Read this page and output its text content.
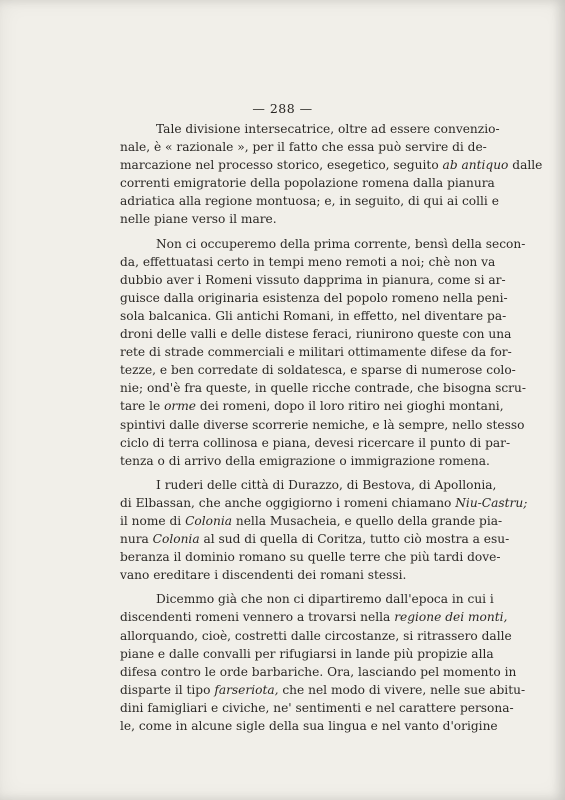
— 288 —
Tale divisione intersecatrice, oltre ad essere convenzio-
nale, è « razionale », per il fatto che essa può servire di de-
marcazione nel processo storico, esegetico, seguito ab antiquo dalle
correnti emigratorie della popolazione romena dalla pianura
adriatica alla regione montuosa; e, in seguito, di qui ai colli e
nelle piane verso il mare.
Non ci occuperemo della prima corrente, bensì della secon-
da, effettuatasi certo in tempi meno remoti a noi; chè non va
dubbio aver i Romeni vissuto dapprima in pianura, come si ar-
guisce dalla originaria esistenza del popolo romeno nella peni-
sola balcanica. Gli antichi Romani, in effetto, nel diventare pa-
droni delle valli e delle distese feraci, riunirono queste con una
rete di strade commerciali e militari ottimamente difese da for-
tezze, e ben corredate di soldatesca, e sparse di numerose colo-
nie; ond'è fra queste, in quelle ricche contrade, che bisogna scru-
tare le orme dei romeni, dopo il loro ritiro nei gioghi montani,
spintivi dalle diverse scorrerie nemiche, e là sempre, nello stesso
ciclo di terra collinosa e piana, devesi ricercare il punto di par-
tenza o di arrivo della emigrazione o immigrazione romena.
I ruderi delle città di Durazzo, di Bestova, di Apollonia,
di Elbassan, che anche oggigiorno i romeni chiamano Niu-Castru;
il nome di Colonia nella Musacheia, e quello della grande pia-
nura Colonia al sud di quella di Coritza, tutto ciò mostra a esu-
beranza il dominio romano su quelle terre che più tardi dove-
vano ereditare i discendenti dei romani stessi.
Dicemmo già che non ci dipartiremo dall'epoca in cui i
discendenti romeni vennero a trovarsi nella regione dei monti,
allorquando, cioè, costretti dalle circostanze, si ritrassero dalle
piane e dalle convalli per rifugiarsi in lande più propizie alla
difesa contro le orde barbariche. Ora, lasciando pel momento in
disparte il tipo farseriota, che nel modo di vivere, nelle sue abitu-
dini famigliari e civiche, ne' sentimenti e nel carattere persona-
le, come in alcune sigle della sua lingua e nel vanto d'origine
